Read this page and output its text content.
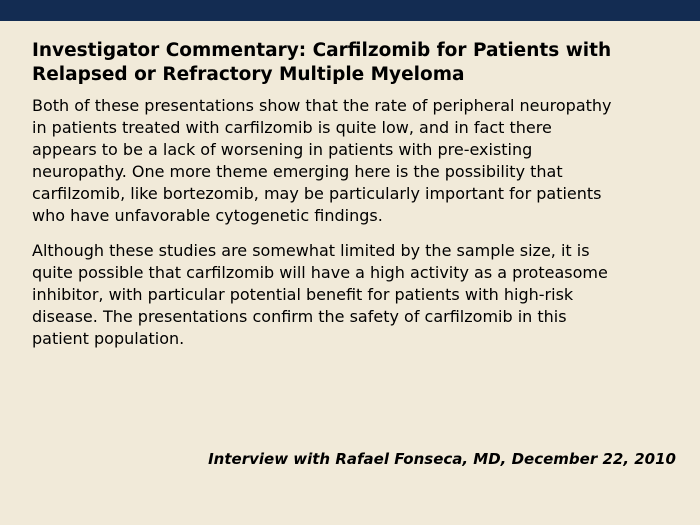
Investigator Commentary: Carfilzomib for Patients with
Relapsed or Refractory Multiple Myeloma

Both of these presentations show that the rate of peripheral neuropathy
in patients treated with carfilzomib is quite low, and in fact there
appears to be a lack of worsening in patients with pre-existing
neuropathy. One more theme emerging here is the possibility that
carfilzomib, like bortezomib, may be particularly important for patients
who have unfavorable cytogenetic findings.

Although these studies are somewhat limited by the sample size, it is
quite possible that carfilzomib will have a high activity as a proteasome
inhibitor, with particular potential benefit for patients with high-risk
disease. The presentations confirm the safety of carfilzomib in this
patient population.

Interview with Rafael Fonseca, MD, December 22, 2010
